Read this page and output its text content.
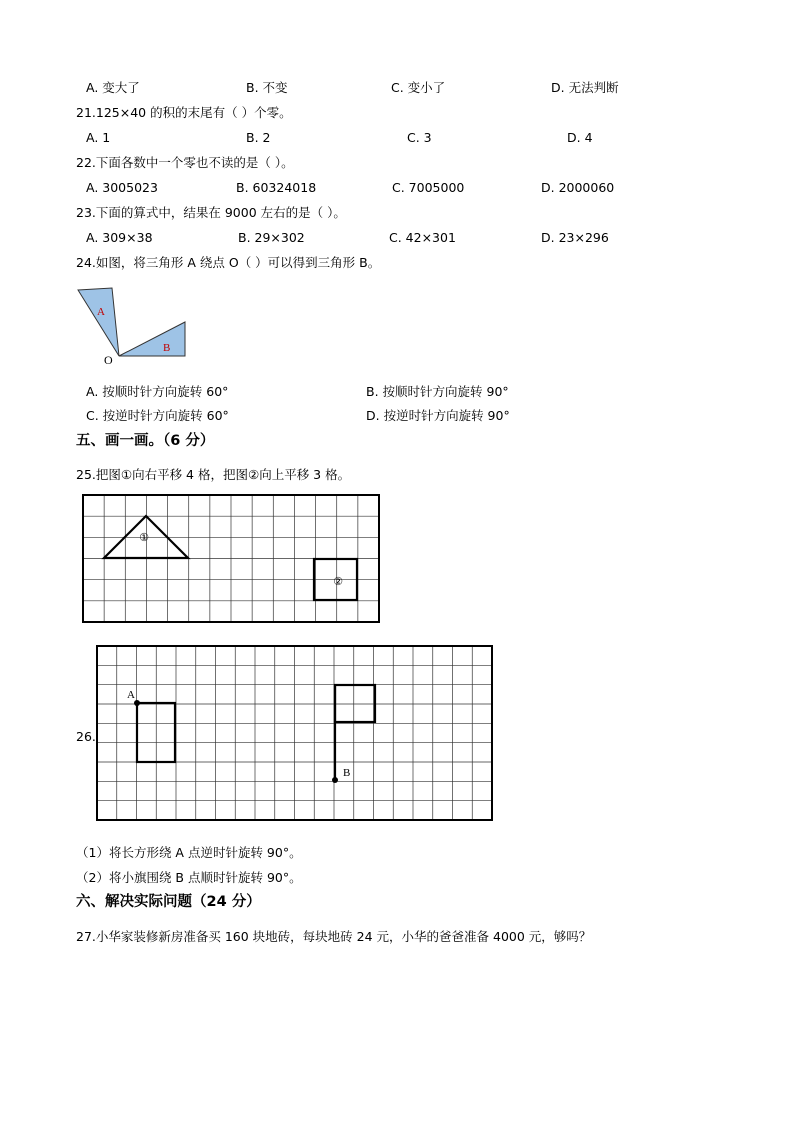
A. 变大了	B. 不变	C. 变小了	D. 无法判断
21.125×40 的积的末尾有（ ）个零。
A. 1	B. 2	C. 3	D. 4
22.下面各数中一个零也不读的是（ ）。
A. 3005023	B. 60324018	C. 7005000	D. 2000060
23.下面的算式中，结果在 9000 左右的是（ ）。
A. 309×38	B. 29×302	C. 42×301	D. 23×296
24.如图，将三角形 A 绕点 O（ ）可以得到三角形 B。
A
B
O
A. 按顺时针方向旋转 60°	B. 按顺时针方向旋转 90°
C. 按逆时针方向旋转 60°	D. 按逆时针方向旋转 90°
五、画一画。（6 分）
25.把图①向右平移 4 格，把图②向上平移 3 格。
①
②
26.
A
B
（1）将长方形绕 A 点逆时针旋转 90°。
（2）将小旗围绕 B 点顺时针旋转 90°。
六、解决实际问题（24 分）
27.小华家装修新房准备买 160 块地砖，每块地砖 24 元，小华的爸爸准备 4000 元，够吗？
